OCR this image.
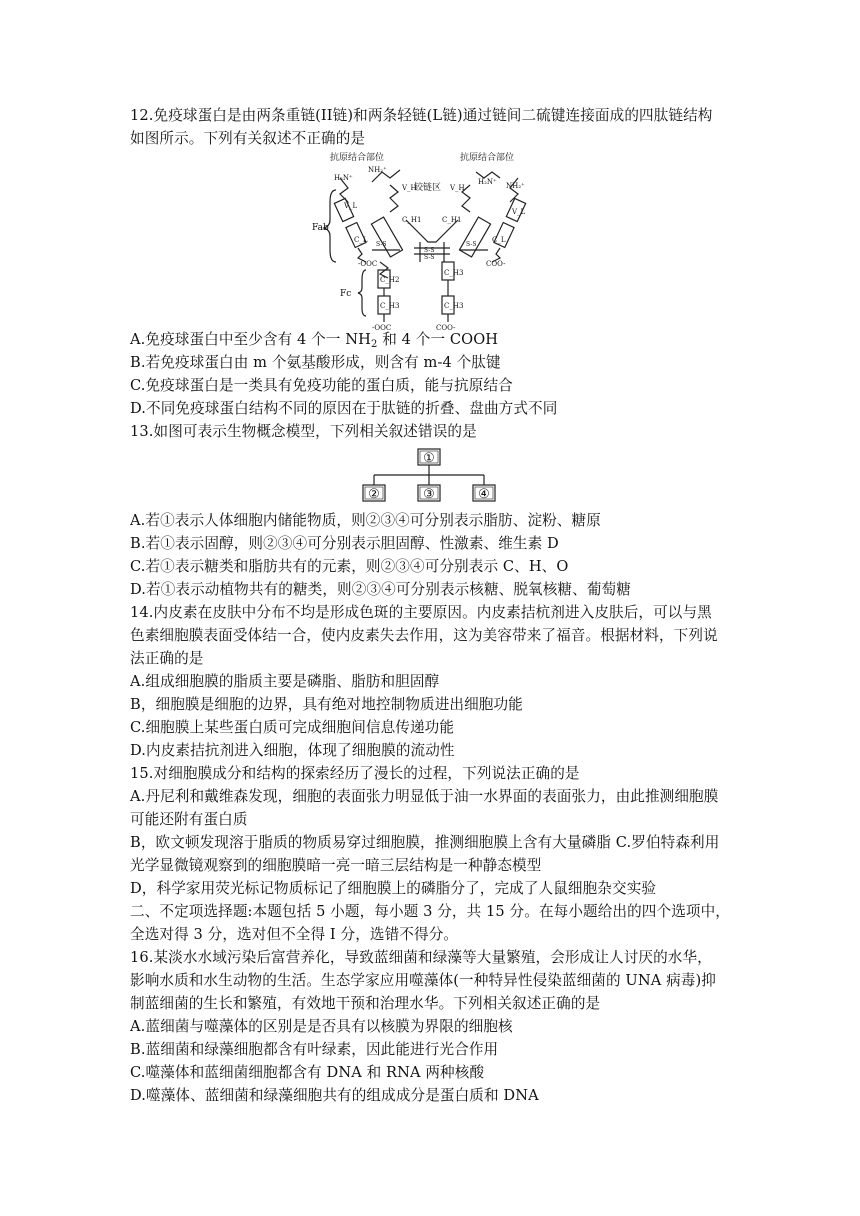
12.免疫球蛋白是由两条重链(II链)和两条轻链(L链)通过链间二硫键连接面成的四肽链结构
如图所示。下列有关叙述不正确的是
抗原结合部位	抗原结合部位
铰链区
Fab
Fc
H₂N⁺
NH₂⁺
H₂N⁺ NH₂⁺
V_H	V_H
V_L
V_L
C_H1	C_H1
C_L	C_L
S-S	S-S
S-S
S-S
C_H2
C_H3
C_H3	C_H3
-OOC	COO-
-OOC	COO-
A.免疫球蛋白中至少含有 4 个一 $NH_2$ 和 4 个一 COOH
B.若免疫球蛋白由 m 个氨基酸形成，则含有 m-4 个肽键
C.免疫球蛋白是一类具有免疫功能的蛋白质，能与抗原结合
D.不同免疫球蛋白结构不同的原因在于肽链的折叠、盘曲方式不同
13.如图可表示生物概念模型，下列相关叙述错误的是
①
②	③	④
A.若①表示人体细胞内储能物质，则②③④可分别表示脂肪、淀粉、糖原
B.若①表示固醇，则②③④可分别表示胆固醇、性激素、维生素 D
C.若①表示糖类和脂肪共有的元素，则②③④可分别表示 C、H、O
D.若①表示动植物共有的糖类，则②③④可分别表示核糖、脱氧核糖、葡萄糖
14.内皮素在皮肤中分布不均是形成色斑的主要原因。内皮素拮杭剂进入皮肤后，可以与黑
色素细胞膜表面受体结一合，使内皮素失去作用，这为美容带来了福音。根据材料，下列说
法正确的是
A.组成细胞膜的脂质主要是磷脂、脂肪和胆固醇
B，细胞膜是细胞的边界，具有绝对地控制物质进出细胞功能
C.细胞膜上某些蛋白质可完成细胞间信息传递功能
D.内皮素拮抗剂进入细胞，体现了细胞膜的流动性
15.对细胞膜成分和结构的探索经历了漫长的过程，下列说法正确的是
A.丹尼利和戴维森发现，细胞的表面张力明显低于油一水界面的表面张力，由此推测细胞膜
可能还附有蛋白质
B，欧文顿发现溶于脂质的物质易穿过细胞膜，推测细胞膜上含有大量磷脂 C.罗伯特森利用
光学显微镜观察到的细胞膜暗一亮一暗三层结构是一种静态模型
D，科学家用荧光标记物质标记了细胞膜上的磷脂分了，完成了人鼠细胞杂交实验
二、不定项选择题:本题包括 5 小题，每小题 3 分，共 15 分。在每小题给出的四个选项中，
全选对得 3 分，选对但不全得 I 分，选错不得分。
16.某淡水水域污染后富营养化，导致蓝细菌和绿藻等大量繁殖，会形成让人讨厌的水华，
影响水质和水生动物的生活。生态学家应用噬藻体(一种特异性侵染蓝细菌的 UNA 病毒)抑
制蓝细菌的生长和繁殖，有效地干预和治理水华。下列相关叙述正确的是
A.蓝细菌与噬藻体的区别是是否具有以核膜为界限的细胞核
B.蓝细菌和绿藻细胞都含有叶绿素，因此能进行光合作用
C.噬藻体和蓝细菌细胞都含有 DNA 和 RNA 两种核酸
D.噬藻体、蓝细菌和绿藻细胞共有的组成成分是蛋白质和 DNA
